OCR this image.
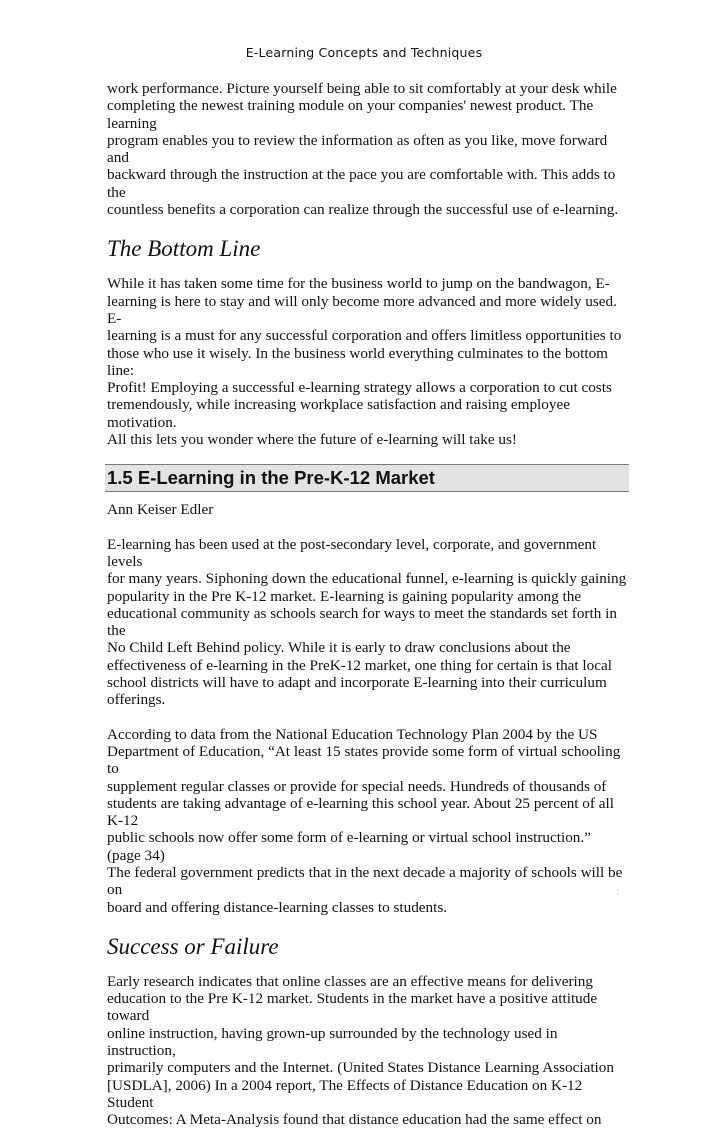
E-Learning Concepts and Techniques

work performance. Picture yourself being able to sit comfortably at your desk while
completing the newest training module on your companies' newest product. The learning
program enables you to review the information as often as you like, move forward and
backward through the instruction at the pace you are comfortable with. This adds to the
countless benefits a corporation can realize through the successful use of e-learning.

The Bottom Line

While it has taken some time for the business world to jump on the bandwagon, E-
learning is here to stay and will only become more advanced and more widely used. E-
learning is a must for any successful corporation and offers limitless opportunities to
those who use it wisely. In the business world everything culminates to the bottom line:
Profit! Employing a successful e-learning strategy allows a corporation to cut costs
tremendously, while increasing workplace satisfaction and raising employee motivation.
All this lets you wonder where the future of e-learning will take us!

1.5 E-Learning in the Pre-K-12 Market

Ann Keiser Edler

E-learning has been used at the post-secondary level, corporate, and government levels
for many years. Siphoning down the educational funnel, e-learning is quickly gaining
popularity in the Pre K-12 market. E-learning is gaining popularity among the
educational community as schools search for ways to meet the standards set forth in the
No Child Left Behind policy. While it is early to draw conclusions about the
effectiveness of e-learning in the PreK-12 market, one thing for certain is that local
school districts will have to adapt and incorporate E-learning into their curriculum
offerings.

According to data from the National Education Technology Plan 2004 by the US
Department of Education, “At least 15 states provide some form of virtual schooling to
supplement regular classes or provide for special needs. Hundreds of thousands of
students are taking advantage of e-learning this school year. About 25 percent of all K-12
public schools now offer some form of e-learning or virtual school instruction.” (page 34)
The federal government predicts that in the next decade a majority of schools will be on
board and offering distance-learning classes to students.

Success or Failure

Early research indicates that online classes are an effective means for delivering
education to the Pre K-12 market. Students in the market have a positive attitude toward
online instruction, having grown-up surrounded by the technology used in instruction,
primarily computers and the Internet. (United States Distance Learning Association
[USDLA], 2006) In a 2004 report, The Effects of Distance Education on K-12 Student
Outcomes: A Meta-Analysis found that distance education had the same effect on

1
